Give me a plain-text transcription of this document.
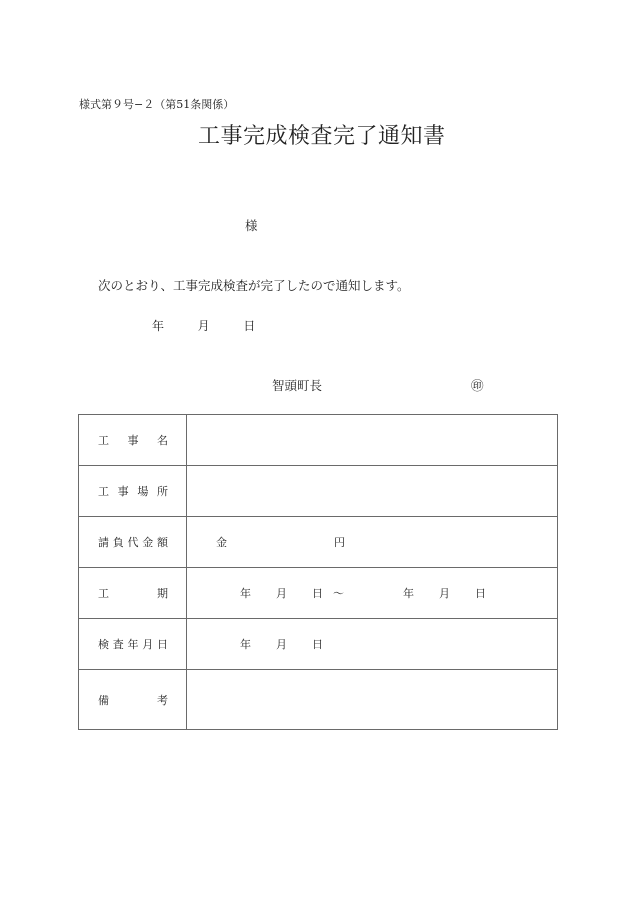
様式第９号−２（第51条関係）
工事完成検査完了通知書
様
次のとおり、工事完成検査が完了したので通知します。
年	月	日
智頭町長	㊞
工 事 名	

工 事 場 所	

請 負 代 金 額	金 円

工	期	年 月 日 〜	年 月 日

検 査 年 月 日	年 月 日

備 考	
